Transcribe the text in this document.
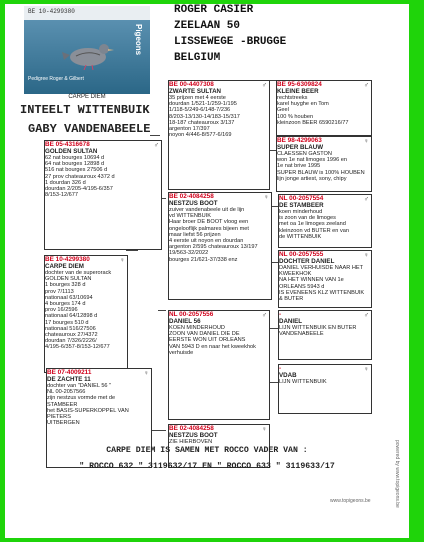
BE 10-4299380
Pedigree Roger & Gilbert
Pigeons
CARPE DIEM
ROGER CASIER
ZEELAAN 50
LISSEWEGE -BRUGGE
BELGIUM
INTEELT WITTENBUIK
GABY VANDENABEELE
♀
BE 10-4299380
CARPE DIEM
dochter van de superorack
GOLDEN SULTAN
1 bourges 328 d
prov 7/1113
nationaal 63/10694
4 bourges 174 d
prov 16/2596
nationaal 64/12898 d
17 bourges 510 d
nationaal 516/27506
chateauroux 27/4372
dourdan 7/326/2226/
4/195-6/357-8/153-12/677
♂
BE 05-4316678
GOLDEN SULTAN
62 nat bourges 10694 d
64 nat bourges 12898 d
516 nat bourges 27506 d
27 prov chateauroux 4372 d
1 dourdan 326 d
dourdan 2/205-4/195-6/357
8/153-12/677
♀
BE 07-4009211
DE ZACHTE 11
dochter van "DANIEL 56 "
NL 00-2057566
zijn nestzus vormde met de
STAMBEER
het BASIS-SUPERKOPPEL VAN
PIETERS
UITBERGEN
♂
BE 00-4407308
ZWARTE SULTAN
35 prijzen met 4 eerste
dourdan 1/521-1/259-1/195
1/118-5/249-6/148-7/236
8/203-13/130-14/183-15/317
18-187 chateauroux 3/137
argenton 17/397
noyon 4/446-8/577-6/169
♀
BE 02-4084258
NESTZUS BOOT
zuiver vandenabeele uit de lijn
vd WITTENBUIK
Haar broer DE BOOT vloog een
ongelooflijk palmares bijeen met
maar liefst 56 prijzen
4 eerste uit noyon en dourdan
argenton 2/595 chateauroux 13/197
19/563-32/2022
bourges 21/621-37/338 enz
♂
NL 00-2057556
DANIEL 56
KOEN MINDERHOUD
ZOON VAN DANIEL DIE DE
EERSTE WON UIT ORLEANS
VAN 5943 D en naar het kweekhok
verhuisde
♀
BE 02-4084258
NESTZUS BOOT
ZIE HIERBOVEN
♂
BE 95-6309824
KLEINE BEER
rechtstreeks
karel huyghe en Tom
Geel
100 % houben
kleinzoon BEER 6590216/77
♀
BE 98-4299063
SUPER BLAUW
CLAESSEN GASTON
won 1e nat limoges 1996 en
1e nat brive 1995
SUPER BLAUW is 100% HOUBEN
lijn jonge artiest, sony, chipy
♂
NL 00-2057554
DE STAMBEER
koen minderhoud
is zoon van de limoges
met oa 1e limoges zeeland
kleinzoon vd BUTER en van
de WITTENBUIK
♀
NL 00-2057555
DOCHTER DANIEL
DANIEL VERHUISDE NAAR HET
KWEEKHOK
NA HET WINNEN VAN 1e
ORLEANS 5943 d
IS EVENEENS KLZ WITTENBUIK
& BUTER
♂
-
DANIEL
LIJN WITTENBUIK EN BUTER
VANDENABEELE
♀
-
VDAB
LIJN WITTENBUIK
CARPE DIEM IS SAMEN MET ROCCO VADER VAN :
" ROCCO 632 " 3119632/17 EN " ROCCO 633 " 3119633/17
www.topigeons.be	powered by www.topigeons.be
